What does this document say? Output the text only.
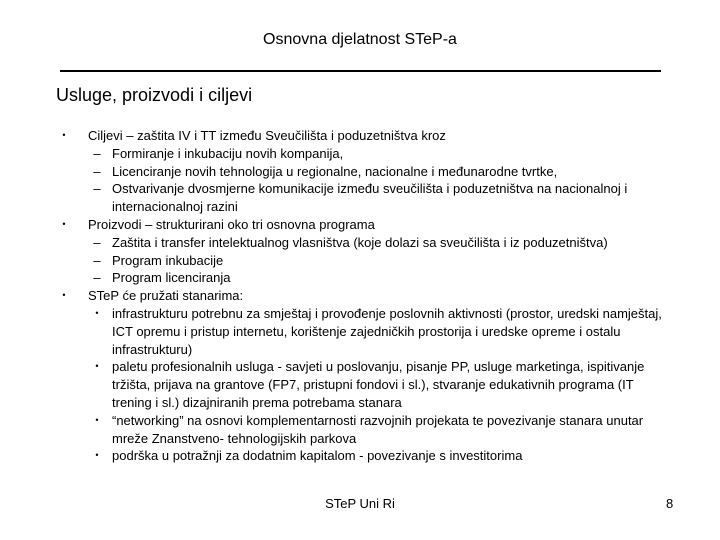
Osnovna djelatnost STeP-a
Usluge, proizvodi i ciljevi
•	Ciljevi – zaštita IV i TT između Sveučilišta i poduzetništva kroz
– Formiranje i inkubaciju novih kompanija,
– Licenciranje novih tehnologija u regionalne, nacionalne i međunarodne tvrtke,
– Ostvarivanje dvosmjerne komunikacije između sveučilišta i poduzetništva na nacionalnoj i internacionalnoj razini
•	Proizvodi – strukturirani oko tri osnovna programa
– Zaštita i transfer intelektualnog vlasništva (koje dolazi sa sveučilišta i iz poduzetništva)
– Program inkubacije
– Program licenciranja
•	STeP će pružati stanarima:
•	infrastrukturu potrebnu za smještaj i provođenje poslovnih aktivnosti (prostor, uredski namještaj, ICT opremu i pristup internetu, korištenje zajedničkih prostorija i uredske opreme i ostalu infrastrukturu)
•	paletu profesionalnih usluga - savjeti u poslovanju, pisanje PP, usluge marketinga, ispitivanje tržišta, prijava na grantove (FP7, pristupni fondovi i sl.), stvaranje edukativnih programa (IT trening i sl.) dizajniranih prema potrebama stanara
•	“networking” na osnovi komplementarnosti razvojnih projekata te povezivanje stanara unutar mreže Znanstveno- tehnologijskih parkova
•	podrška u potražnji za dodatnim kapitalom - povezivanje s investitorima
STeP Uni Ri	8
